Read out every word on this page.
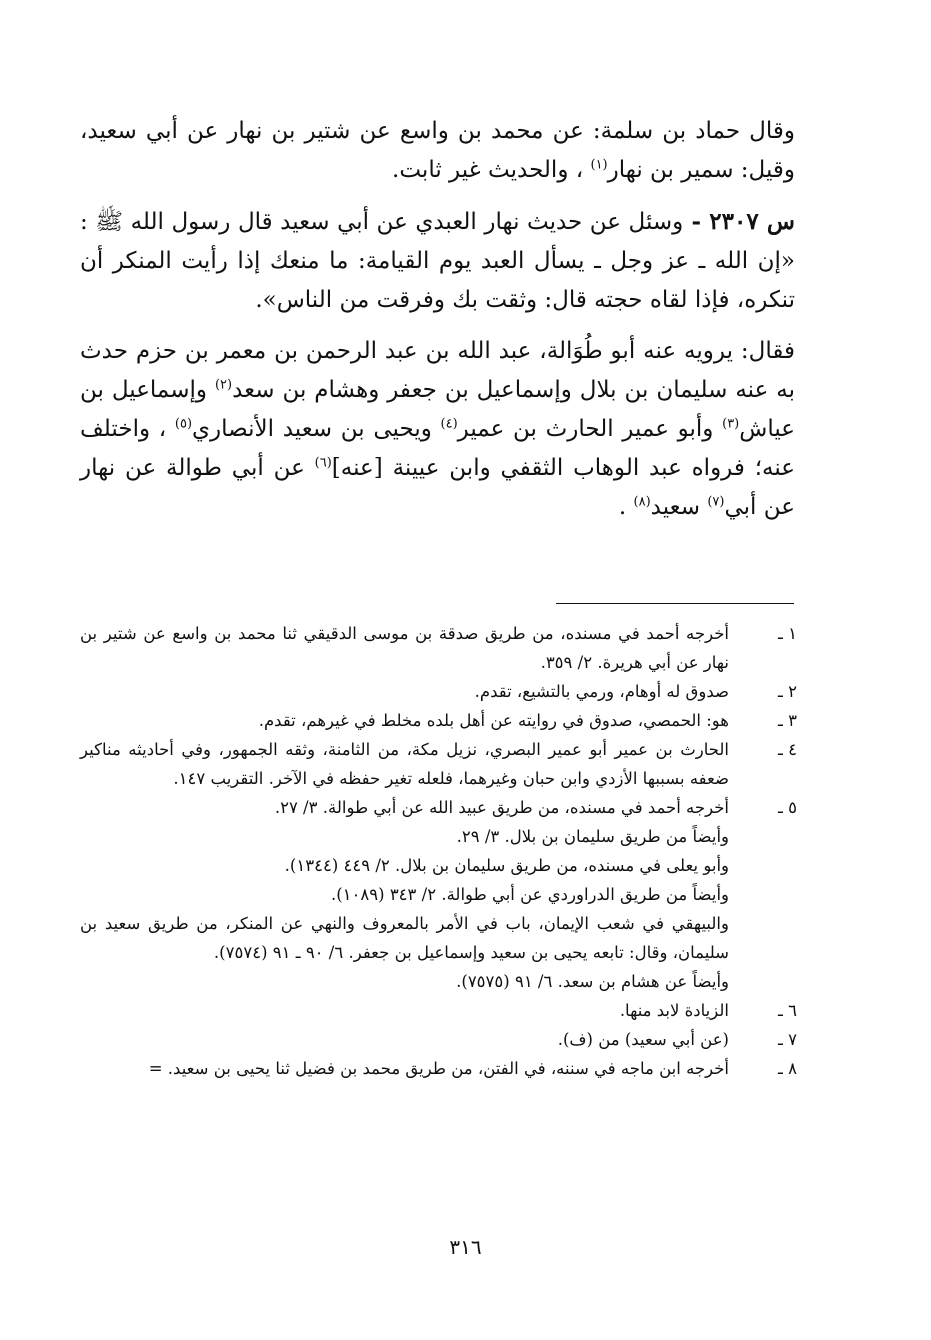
وقال حماد بن سلمة: عن محمد بن واسع عن شتير بن نهار عن أبي سعيد، وقيل: سمير بن نهار$^{(١)}$ ، والحديث غير ثابت.

س ٢٣٠٧ - وسئل عن حديث نهار العبدي عن أبي سعيد قال رسول الله ﷺ : «إن الله ـ عز وجل ـ يسأل العبد يوم القيامة: ما منعك إذا رأيت المنكر أن تنكره، فإذا لقاه حجته قال: وثقت بك وفرقت من الناس».

فقال: يرويه عنه أبو طُوَالة، عبد الله بن عبد الرحمن بن معمر بن حزم حدث به عنه سليمان بن بلال وإسماعيل بن جعفر وهشام بن سعد$^{(٢)}$ وإسماعيل بن عياش$^{(٣)}$ وأبو عمير الحارث بن عمير$^{(٤)}$ ويحيى بن سعيد الأنصاري$^{(٥)}$ ، واختلف عنه؛ فرواه عبد الوهاب الثقفي وابن عيينة [عنه]$^{(٦)}$ عن أبي طوالة عن نهار عن أبي$^{(٧)}$ سعيد$^{(٨)}$ .

١ ـ
أخرجه أحمد في مسنده، من طريق صدقة بن موسى الدقيقي ثنا محمد بن واسع عن شتير بن نهار عن أبي هريرة. ٢/ ٣٥٩.
٢ ـ
صدوق له أوهام، ورمي بالتشيع، تقدم.
٣ ـ
هو: الحمصي، صدوق في روايته عن أهل بلده مخلط في غيرهم، تقدم.
٤ ـ
الحارث بن عمير أبو عمير البصري، نزيل مكة، من الثامنة، وثقه الجمهور، وفي أحاديثه مناكير ضعفه بسببها الأزدي وابن حبان وغيرهما، فلعله تغير حفظه في الآخر. التقريب ١٤٧.
٥ ـ
أخرجه أحمد في مسنده، من طريق عبيد الله عن أبي طوالة. ٣/ ٢٧.
وأيضاً من طريق سليمان بن بلال. ٣/ ٢٩.
وأبو يعلى في مسنده، من طريق سليمان بن بلال. ٢/ ٤٤٩ (١٣٤٤).
وأيضاً من طريق الدراوردي عن أبي طوالة. ٢/ ٣٤٣ (١٠٨٩).
والبيهقي في شعب الإيمان، باب في الأمر بالمعروف والنهي عن المنكر، من طريق سعيد بن سليمان، وقال: تابعه يحيى بن سعيد وإسماعيل بن جعفر. ٦/ ٩٠ ـ ٩١ (٧٥٧٤).
وأيضاً عن هشام بن سعد. ٦/ ٩١ (٧٥٧٥).
٦ ـ
الزيادة لابد منها.
٧ ـ
(عن أبي سعيد) من (ف).
٨ ـ
أخرجه ابن ماجه في سننه، في الفتن، من طريق محمد بن فضيل ثنا يحيى بن سعيد. =
٣١٦
